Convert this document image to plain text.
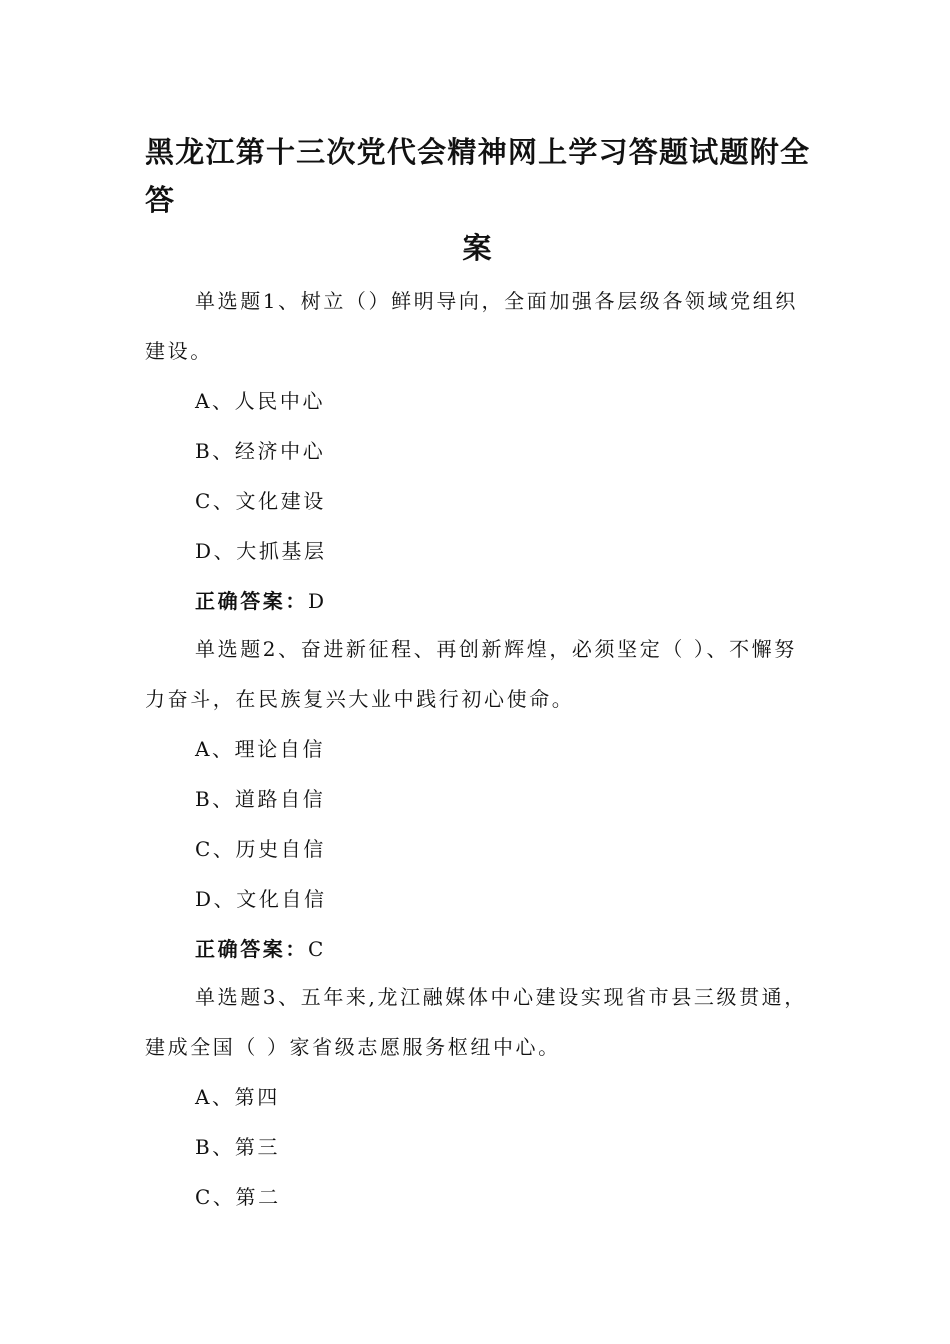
黑龙江第十三次党代会精神网上学习答题试题附全答
案

单选题1、树立（）鲜明导向，全面加强各层级各领域党组织

建设。

A、人民中心

B、经济中心

C、文化建设

D、大抓基层

正确答案：D

单选题2、奋进新征程、再创新辉煌，必须坚定（ ）、不懈努

力奋斗，在民族复兴大业中践行初心使命。

A、理论自信

B、道路自信

C、历史自信

D、文化自信

正确答案：C

单选题3、五年来,龙江融媒体中心建设实现省市县三级贯通，

建成全国（ ）家省级志愿服务枢纽中心。

A、第四

B、第三

C、第二
